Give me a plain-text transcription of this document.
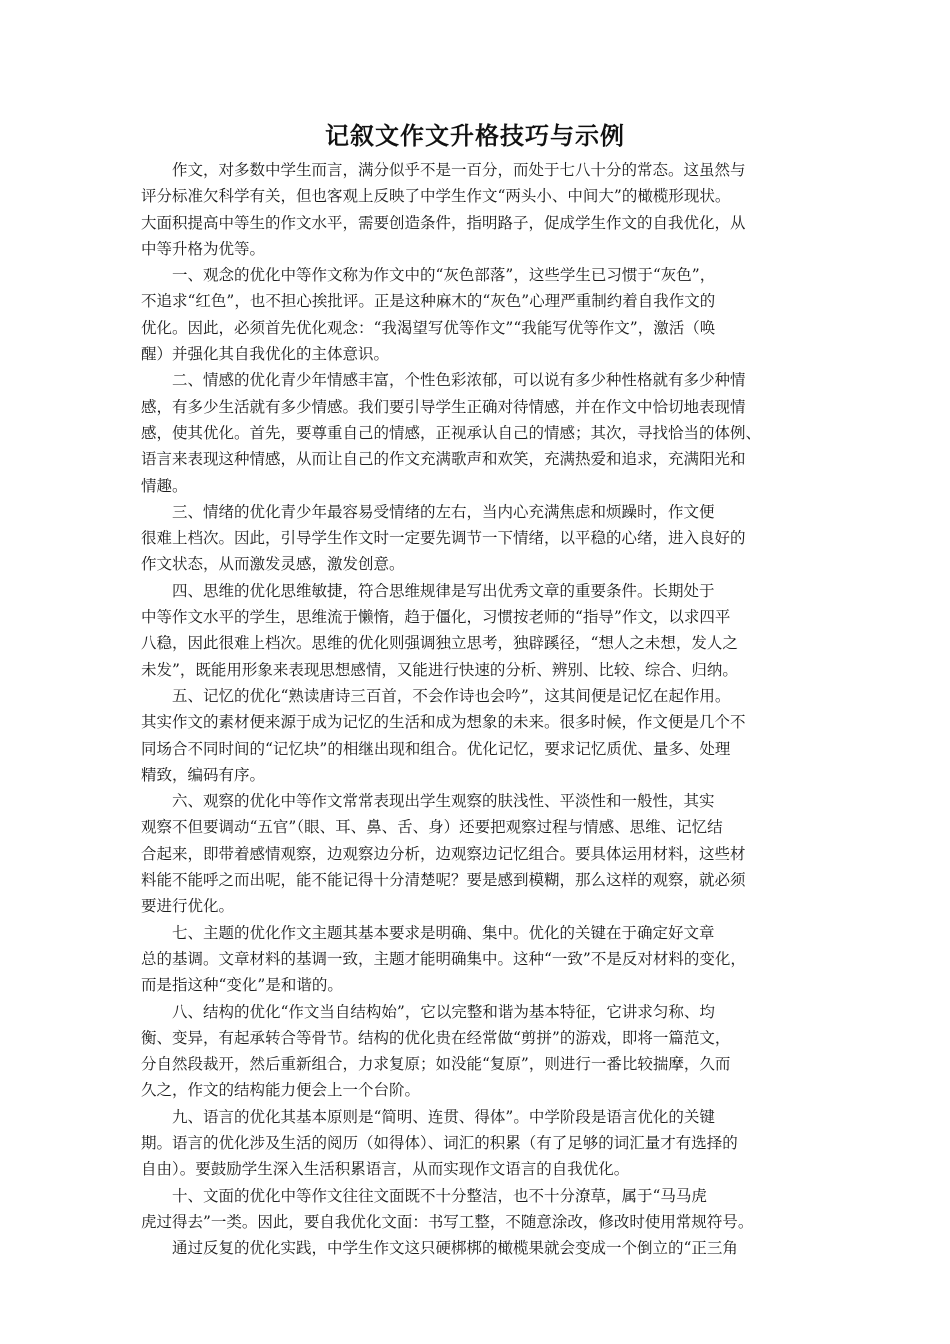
记叙文作文升格技巧与示例
作文，对多数中学生而言，满分似乎不是一百分，而处于七八十分的常态。这虽然与
评分标准欠科学有关，但也客观上反映了中学生作文“两头小、中间大”的橄榄形现状。
大面积提高中等生的作文水平，需要创造条件，指明路子，促成学生作文的自我优化，从
中等升格为优等。
一、观念的优化中等作文称为作文中的“灰色部落”，这些学生已习惯于“灰色”，
不追求“红色”，也不担心挨批评。正是这种麻木的“灰色”心理严重制约着自我作文的
优化。因此，必须首先优化观念：“我渴望写优等作文”“我能写优等作文”，激活（唤
醒）并强化其自我优化的主体意识。
二、情感的优化青少年情感丰富，个性色彩浓郁，可以说有多少种性格就有多少种情
感，有多少生活就有多少情感。我们要引导学生正确对待情感，并在作文中恰切地表现情
感，使其优化。首先，要尊重自己的情感，正视承认自己的情感；其次，寻找恰当的体例、
语言来表现这种情感，从而让自己的作文充满歌声和欢笑，充满热爱和追求，充满阳光和
情趣。
三、情绪的优化青少年最容易受情绪的左右，当内心充满焦虑和烦躁时，作文便
很难上档次。因此，引导学生作文时一定要先调节一下情绪，以平稳的心绪，进入良好的
作文状态，从而激发灵感，激发创意。
四、思维的优化思维敏捷，符合思维规律是写出优秀文章的重要条件。长期处于
中等作文水平的学生，思维流于懒惰，趋于僵化，习惯按老师的“指导”作文，以求四平
八稳，因此很难上档次。思维的优化则强调独立思考，独辟蹊径，“想人之未想，发人之
未发”，既能用形象来表现思想感情，又能进行快速的分析、辨别、比较、综合、归纳。
五、记忆的优化“熟读唐诗三百首，不会作诗也会吟”，这其间便是记忆在起作用。
其实作文的素材便来源于成为记忆的生活和成为想象的未来。很多时候，作文便是几个不
同场合不同时间的“记忆块”的相继出现和组合。优化记忆，要求记忆质优、量多、处理
精致，编码有序。
六、观察的优化中等作文常常表现出学生观察的肤浅性、平淡性和一般性，其实
观察不但要调动“五官”（眼、耳、鼻、舌、身）还要把观察过程与情感、思维、记忆结
合起来，即带着感情观察，边观察边分析，边观察边记忆组合。要具体运用材料，这些材
料能不能呼之而出呢，能不能记得十分清楚呢？要是感到模糊，那么这样的观察，就必须
要进行优化。
七、主题的优化作文主题其基本要求是明确、集中。优化的关键在于确定好文章
总的基调。文章材料的基调一致，主题才能明确集中。这种“一致”不是反对材料的变化，
而是指这种“变化”是和谐的。
八、结构的优化“作文当自结构始”，它以完整和谐为基本特征，它讲求匀称、均
衡、变异，有起承转合等骨节。结构的优化贵在经常做“剪拼”的游戏，即将一篇范文，
分自然段裁开，然后重新组合，力求复原；如没能“复原”，则进行一番比较揣摩，久而
久之，作文的结构能力便会上一个台阶。
九、语言的优化其基本原则是“简明、连贯、得体”。中学阶段是语言优化的关键
期。语言的优化涉及生活的阅历（如得体）、词汇的积累（有了足够的词汇量才有选择的
自由）。要鼓励学生深入生活积累语言，从而实现作文语言的自我优化。
十、文面的优化中等作文往往文面既不十分整洁，也不十分潦草，属于“马马虎
虎过得去”一类。因此，要自我优化文面：书写工整，不随意涂改，修改时使用常规符号。
通过反复的优化实践，中学生作文这只硬梆梆的橄榄果就会变成一个倒立的“正三角
